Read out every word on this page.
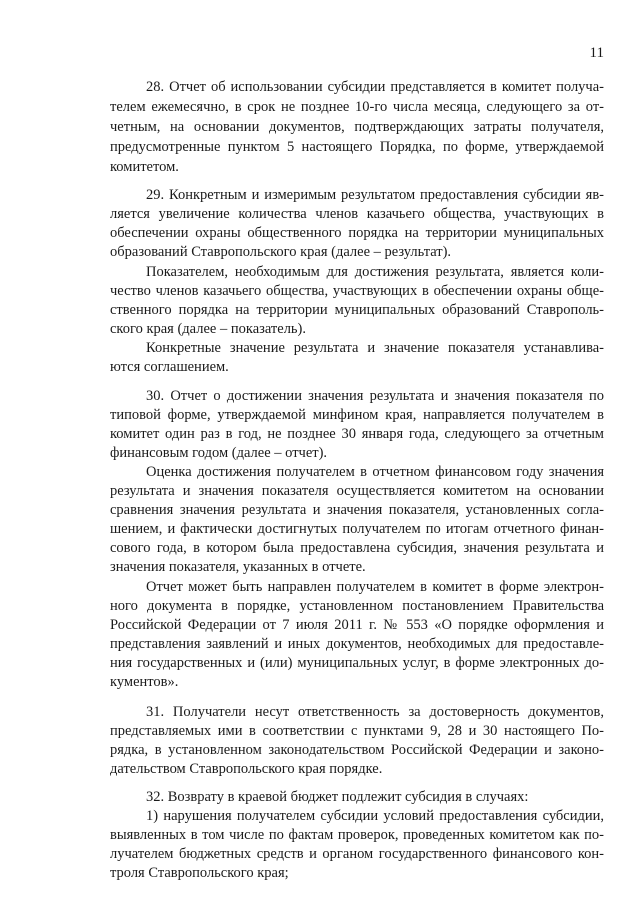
11
28. Отчет об использовании субсидии представляется в комитет получа-
телем ежемесячно, в срок не позднее 10-го числа месяца, следующего за от-
четным, на основании документов, подтверждающих затраты получателя,
предусмотренные пунктом 5 настоящего Порядка, по форме, утверждаемой
комитетом.
29. Конкретным и измеримым результатом предоставления субсидии яв-
ляется увеличение количества членов казачьего общества, участвующих в
обеспечении охраны общественного порядка на территории муниципальных
образований Ставропольского края (далее – результат).
Показателем, необходимым для достижения результата, является коли-
чество членов казачьего общества, участвующих в обеспечении охраны обще-
ственного порядка на территории муниципальных образований Ставрополь-
ского края (далее – показатель).
Конкретные значение результата и значение показателя устанавлива-
ются соглашением.
30. Отчет о достижении значения результата и значения показателя по
типовой форме, утверждаемой минфином края, направляется получателем в
комитет один раз в год, не позднее 30 января года, следующего за отчетным
финансовым годом (далее – отчет).
Оценка достижения получателем в отчетном финансовом году значения
результата и значения показателя осуществляется комитетом на основании
сравнения значения результата и значения показателя, установленных согла-
шением, и фактически достигнутых получателем по итогам отчетного финан-
сового года, в котором была предоставлена субсидия, значения результата и
значения показателя, указанных в отчете.
Отчет может быть направлен получателем в комитет в форме электрон-
ного документа в порядке, установленном постановлением Правительства
Российской Федерации от 7 июля 2011 г. № 553 «О порядке оформления и
представления заявлений и иных документов, необходимых для предоставле-
ния государственных и (или) муниципальных услуг, в форме электронных до-
кументов».
31. Получатели несут ответственность за достоверность документов,
представляемых ими в соответствии с пунктами 9, 28 и 30 настоящего По-
рядка, в установленном законодательством Российской Федерации и законо-
дательством Ставропольского края порядке.
32. Возврату в краевой бюджет подлежит субсидия в случаях:
1) нарушения получателем субсидии условий предоставления субсидии,
выявленных в том числе по фактам проверок, проведенных комитетом как по-
лучателем бюджетных средств и органом государственного финансового кон-
троля Ставропольского края;
